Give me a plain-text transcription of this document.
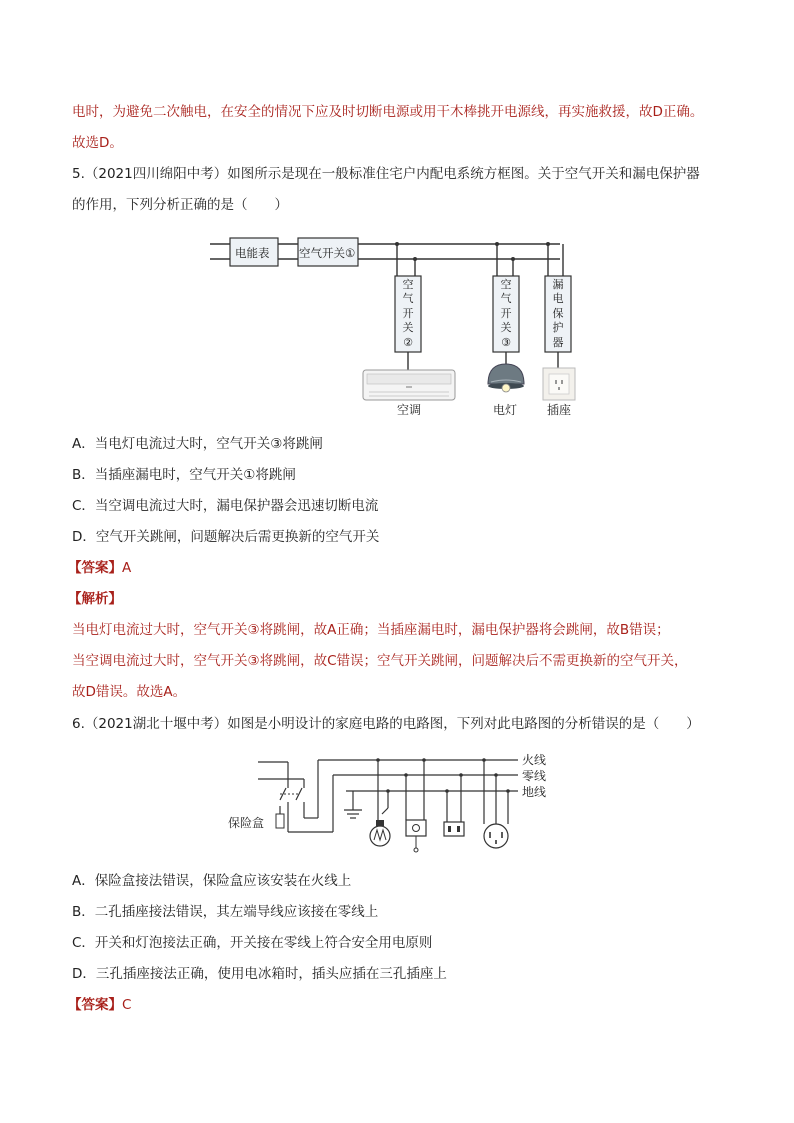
电时，为避免二次触电，在安全的情况下应及时切断电源或用干木棒挑开电源线，再实施救援，故D正确。
故选D。
5.（2021四川绵阳中考）如图所示是现在一般标准住宅户内配电系统方框图。关于空气开关和漏电保护器
的作用，下列分析正确的是（　　）
电能表	空气开关①
空
气
开
关
②
空
气
开
关
③
漏
电
保
护
器
空调	电灯 插座
A．当电灯电流过大时，空气开关③将跳闸
B．当插座漏电时，空气开关①将跳闸
C．当空调电流过大时，漏电保护器会迅速切断电流
D．空气开关跳闸，问题解决后需更换新的空气开关
【答案】A
【解析】
当电灯电流过大时，空气开关③将跳闸，故A正确；当插座漏电时，漏电保护器将会跳闸，故B错误；
当空调电流过大时，空气开关③将跳闸，故C错误；空气开关跳闸，问题解决后不需更换新的空气开关，
故D错误。故选A。
6.（2021湖北十堰中考）如图是小明设计的家庭电路的电路图，下列对此电路图的分析错误的是（　　）
火线
零线
地线
保险盒
A．保险盒接法错误，保险盒应该安装在火线上
B．二孔插座接法错误，其左端导线应该接在零线上
C．开关和灯泡接法正确，开关接在零线上符合安全用电原则
D．三孔插座接法正确，使用电冰箱时，插头应插在三孔插座上
【答案】C
